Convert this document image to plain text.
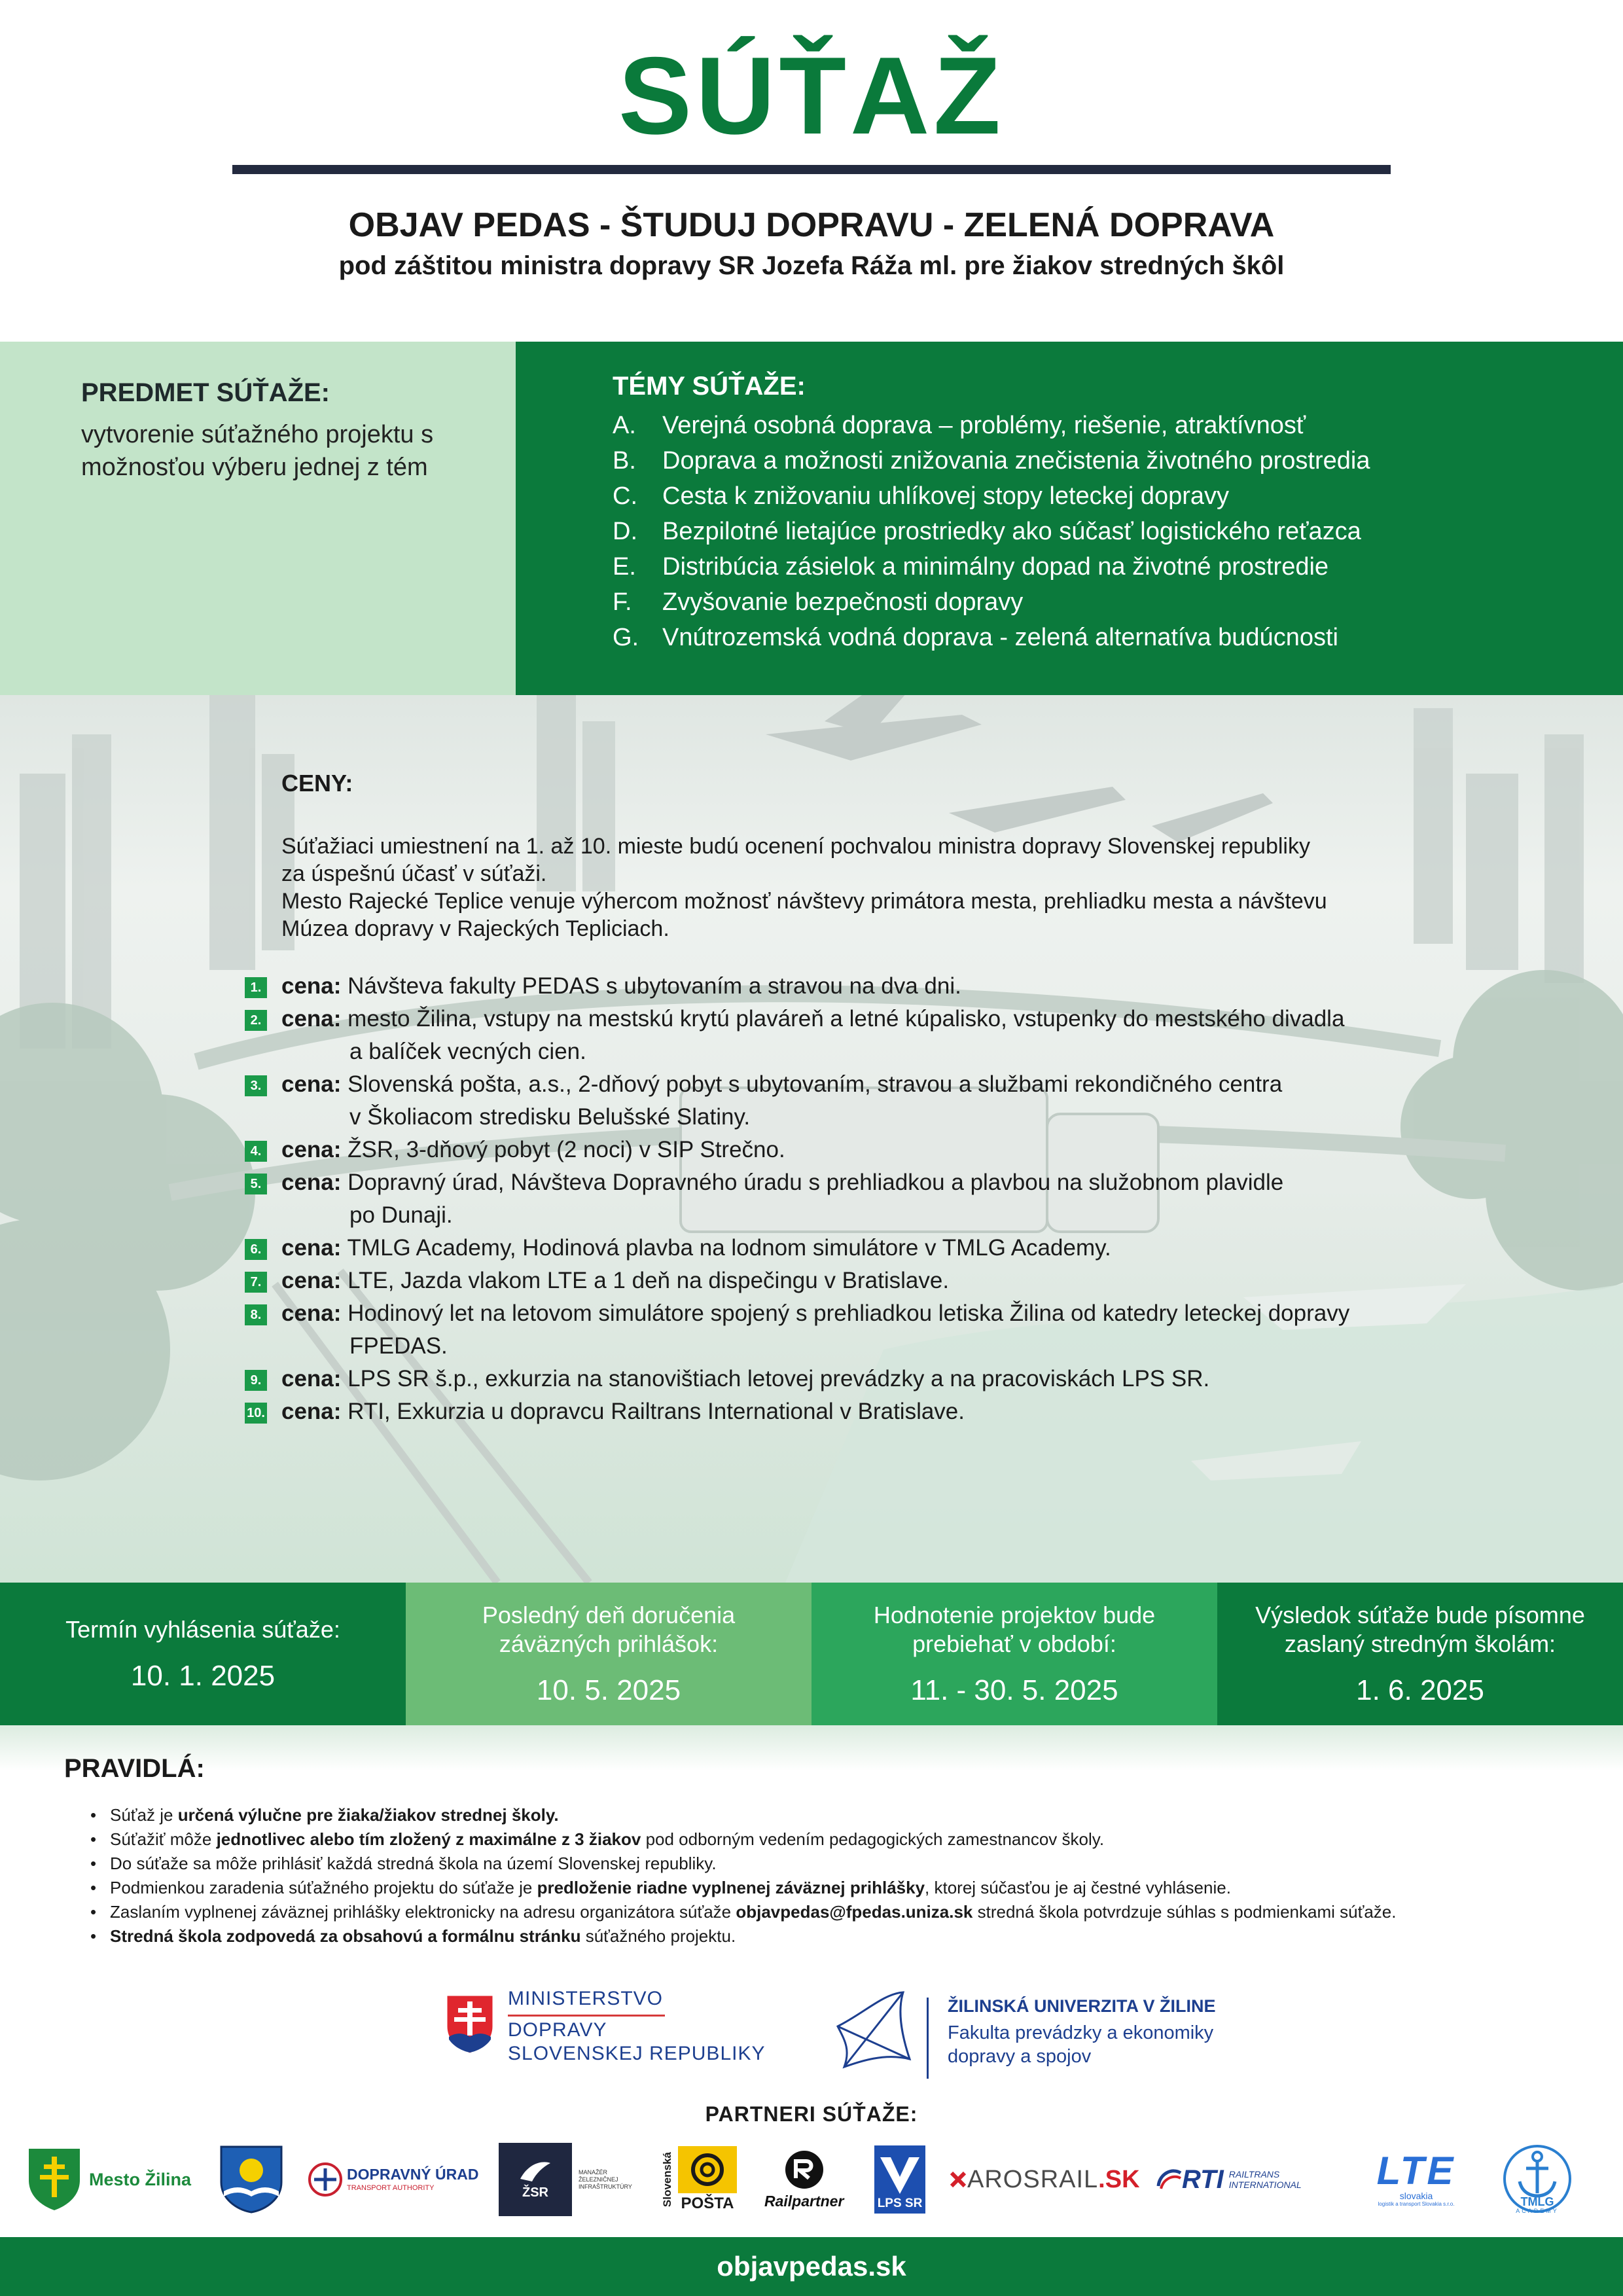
SÚŤAŽ
OBJAV PEDAS - ŠTUDUJ DOPRAVU - ZELENÁ DOPRAVA
pod záštitou ministra dopravy SR Jozefa Ráža ml. pre žiakov stredných škôl
PREDMET SÚŤAŽE:

vytvorenie súťažného projektu s možnosťou výberu jednej z tém

TÉMY SÚŤAŽE:
A.	Verejná osobná doprava – problémy, riešenie, atraktívnosť
B.	Doprava a možnosti znižovania znečistenia životného prostredia
C.	Cesta k znižovaniu uhlíkovej stopy leteckej dopravy
D.	Bezpilotné lietajúce prostriedky ako súčasť logistického reťazca
E.	Distribúcia zásielok a minimálny dopad na životné prostredie
F.	Zvyšovanie bezpečnosti dopravy
G. Vnútrozemská vodná doprava - zelená alternatíva budúcnosti
CENY:

Súťažiaci umiestnení na 1. až 10. mieste budú ocenení pochvalou ministra dopravy Slovenskej republiky

za úspešnú účasť v súťaži.

Mesto Rajecké Teplice venuje výhercom možnosť návštevy primátora mesta, prehliadku mesta a návštevu

Múzea dopravy v Rajeckých Tepliciach.

1. cena: Návšteva fakulty PEDAS s ubytovaním a stravou na dva dni.
2. cena: mesto Žilina, vstupy na mestskú krytú plaváreň a letné kúpalisko, vstupenky do mestského divadla
a balíček vecných cien.
3. cena: Slovenská pošta, a.s., 2-dňový pobyt s ubytovaním, stravou a službami rekondičného centra
v Školiacom stredisku Belušské Slatiny.
4. cena: ŽSR, 3-dňový pobyt (2 noci) v SIP Strečno.
5. cena: Dopravný úrad, Návšteva Dopravného úradu s prehliadkou a plavbou na služobnom plavidle
po Dunaji.
6. cena: TMLG Academy, Hodinová plavba na lodnom simulátore v TMLG Academy.
7. cena: LTE, Jazda vlakom LTE a 1 deň na dispečingu v Bratislave.
8. cena: Hodinový let na letovom simulátore spojený s prehliadkou letiska Žilina od katedry leteckej dopravy
FPEDAS.
9. cena: LPS SR š.p., exkurzia na stanovištiach letovej prevádzky a na pracoviskách LPS SR.
10. cena: RTI, Exkurzia u dopravcu Railtrans International v Bratislave.
Termín vyhlásenia súťaže:
10. 1. 2025
Posledný deň doručenia záväzných prihlášok:
10. 5. 2025
Hodnotenie projektov bude prebiehať v období:
11. - 30. 5. 2025
Výsledok súťaže bude písomne zaslaný stredným školám:
1. 6. 2025
PRAVIDLÁ:
• Súťaž je určená výlučne pre žiaka/žiakov strednej školy.
• Súťažiť môže jednotlivec alebo tím zložený z maximálne z 3 žiakov pod odborným vedením pedagogických zamestnancov školy.
• Do súťaže sa môže prihlásiť každá stredná škola na území Slovenskej republiky.
• Podmienkou zaradenia súťažného projektu do súťaže je predloženie riadne vyplnenej záväznej prihlášky, ktorej súčasťou je aj čestné vyhlásenie.
• Zaslaním vyplnenej záväznej prihlášky elektronicky na adresu organizátora súťaže objavpedas@fpedas.uniza.sk stredná škola potvrdzuje súhlas s podmienkami súťaže.
• Stredná škola zodpovedá za obsahovú a formálnu stránku súťažného projektu.
MINISTERSTVO
DOPRAVY
SLOVENSKEJ REPUBLIKY
ŽILINSKÁ UNIVERZITA V ŽILINE
Fakulta prevádzky a ekonomiky
dopravy a spojov
PARTNERI SÚŤAŽE:
Mesto Žilina	DOPRAVNÝ ÚRAD
TRANSPORT AUTHORITY	ŽSR
MANAŽÉR ŽELEZNIČNEJ INFRAŠTRUKTÚRY	Slovenská POŠTA Railpartner	LPS SR
AROSRAIL .SK RTI RAILTRANS
INTERNATIONAL	LTE
slovakia
logistik a transport Slovakia s.r.o.	TMLG
ACADEMY
objavpedas.sk
